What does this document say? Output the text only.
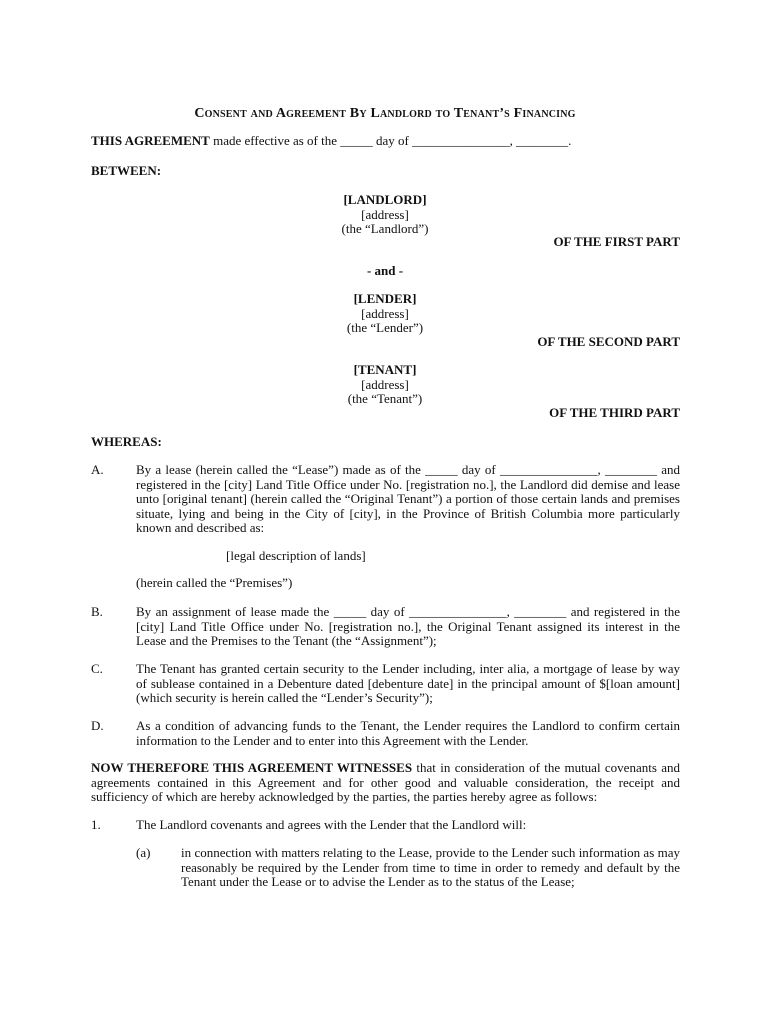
Consent and Agreement By Landlord to Tenant’s Financing
THIS AGREEMENT made effective as of the _____ day of _______________, ________.
BETWEEN:
[LANDLORD]
[address]
(the “Landlord”)
OF THE FIRST PART
- and -
[LENDER]
[address]
(the “Lender”)
OF THE SECOND PART
[TENANT]
[address]
(the “Tenant”)
OF THE THIRD PART
WHEREAS:
A. By a lease (herein called the “Lease”) made as of the _____ day of _______________, ________ and registered in the [city] Land Title Office under No. [registration no.], the Landlord did demise and lease unto [original tenant] (herein called the “Original Tenant”) a portion of those certain lands and premises situate, lying and being in the City of [city], in the Province of British Columbia more particularly known and described as:
[legal description of lands]
(herein called the “Premises”)
B.	By an assignment of lease made the _____ day of _______________, ________ and registered in the [city] Land Title Office under No. [registration no.], the Original Tenant assigned its interest in the Lease and the Premises to the Tenant (the “Assignment”);
C.	The Tenant has granted certain security to the Lender including, inter alia, a mortgage of lease by way of sublease contained in a Debenture dated [debenture date] in the principal amount of $[loan amount] (which security is herein called the “Lender’s Security”);
D. As a condition of advancing funds to the Tenant, the Lender requires the Landlord to confirm certain information to the Lender and to enter into this Agreement with the Lender.
NOW THEREFORE THIS AGREEMENT WITNESSES that in consideration of the mutual covenants and agreements contained in this Agreement and for other good and valuable consideration, the receipt and sufficiency of which are hereby acknowledged by the parties, the parties hereby agree as follows:
1.	The Landlord covenants and agrees with the Lender that the Landlord will:
(a) in connection with matters relating to the Lease, provide to the Lender such information as may reasonably be required by the Lender from time to time in order to remedy and default by the Tenant under the Lease or to advise the Lender as to the status of the Lease;
